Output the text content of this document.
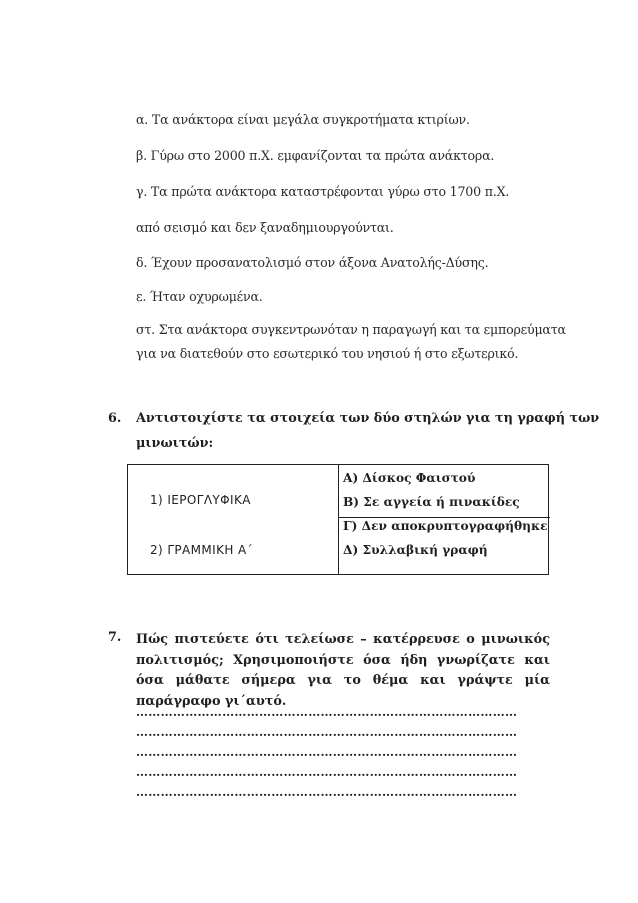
α. Τα ανάκτορα είναι μεγάλα συγκροτήματα κτιρίων.
β. Γύρω στο 2000 π.Χ. εμφανίζονται τα πρώτα ανάκτορα.
γ. Τα πρώτα ανάκτορα καταστρέφονται γύρω στο 1700 π.Χ.
από σεισμό και δεν ξαναδημιουργούνται.
δ. Έχουν προσανατολισμό στον άξονα Ανατολής-Δύσης.
ε. Ήταν οχυρωμένα.
στ. Στα ανάκτορα συγκεντρωνόταν η παραγωγή και τα εμπορεύματα
για να διατεθούν στο εσωτερικό του νησιού ή στο εξωτερικό.
6. Αντιστοιχίστε τα στοιχεία των δύο στηλών για τη γραφή των
μινωιτών:
1) ΙΕΡΟΓΛΥΦΙΚΑ
2) ΓΡΑΜΜΙΚΗ Α΄
Α) Δίσκος Φαιστού
Β) Σε αγγεία ή πινακίδες
Γ) Δεν αποκρυπτογραφήθηκε
Δ) Συλλαβική γραφή
7. Πώς πιστεύετε ότι τελείωσε – κατέρρευσε ο μινωικός πολιτισμός; Χρησιμοποιήστε όσα ήδη γνωρίζατε και όσα μάθατε σήμερα για το θέμα και γράψτε μία παράγραφο γι΄αυτό.
…………………………………………………………………………………
…………………………………………………………………………………
…………………………………………………………………………………
…………………………………………………………………………………
…………………………………………………………………………………
